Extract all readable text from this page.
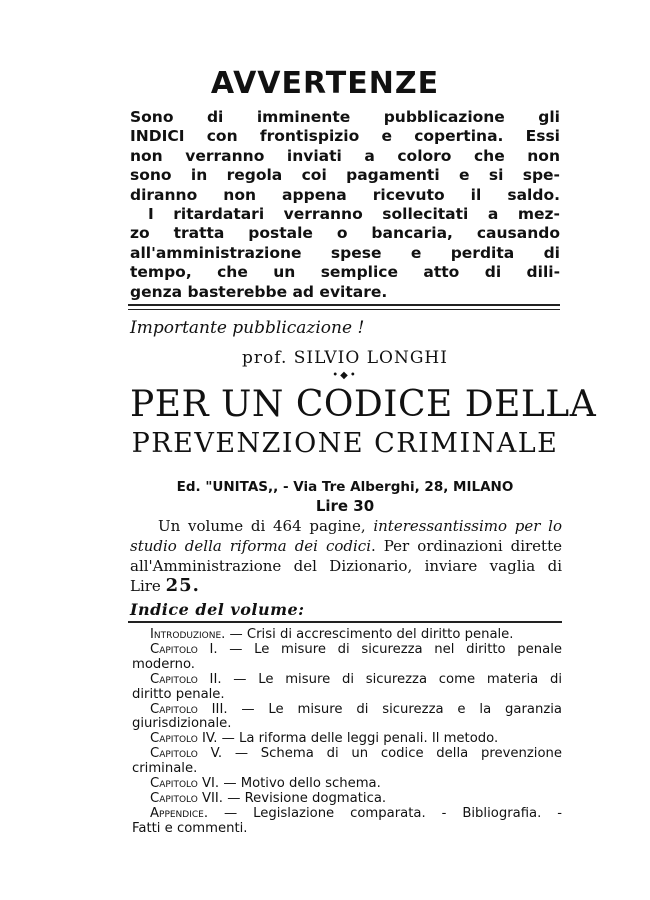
AVVERTENZE
Sono di imminente pubblicazione gli
INDICI con frontispizio e copertina. Essi
non verranno inviati a coloro che non
sono in regola coi pagamenti e si spe-
diranno non appena ricevuto il saldo.
I ritardatari verranno sollecitati a mez-
zo tratta postale o bancaria, causando
all'amministrazione spese e perdita di
tempo, che un semplice atto di dili-
genza basterebbe ad evitare.
Importante pubblicazione !
prof. SILVIO LONGHI
•◆•
PER UN CODICE DELLA
PREVENZIONE CRIMINALE
Ed. "UNITAS,, - Via Tre Alberghi, 28, MILANO
Lire 30
Un volume di 464 pagine, interessantissimo per lo
studio della riforma dei codici. Per ordinazioni dirette
all'Amministrazione del Dizionario, inviare vaglia di
Lire 25.
Indice del volume:
Introduzione. — Crisi di accrescimento del diritto penale.
Capitolo I. — Le misure di sicurezza nel diritto penale
moderno.
Capitolo II. — Le misure di sicurezza come materia di
diritto penale.
Capitolo III. — Le misure di sicurezza e la garanzia
giurisdizionale.
Capitolo IV. — La riforma delle leggi penali. Il metodo.
Capitolo V. — Schema di un codice della prevenzione
criminale.
Capitolo VI. — Motivo dello schema.
Capitolo VII. — Revisione dogmatica.
Appendice. — Legislazione comparata. - Bibliografia. -
Fatti e commenti.
